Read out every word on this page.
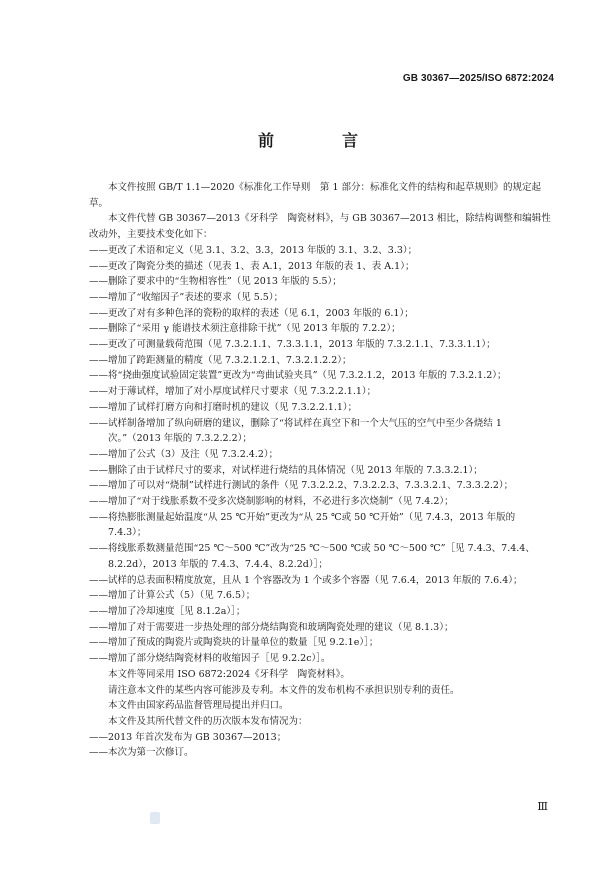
GB 30367—2025/ISO 6872:2024
前　言

本文件按照 GB/T 1.1—2020《标准化工作导则　第 1 部分：标准化文件的结构和起草规则》的规定起草。

本文件代替 GB 30367—2013《牙科学　陶瓷材料》，与 GB 30367—2013 相比，除结构调整和编辑性改动外，主要技术变化如下：

——更改了术语和定义（见 3.1、3.2、3.3，2013 年版的 3.1、3.2、3.3）；

——更改了陶瓷分类的描述（见表 1、表 A.1，2013 年版的表 1、表 A.1）；

——删除了要求中的“生物相容性”（见 2013 年版的 5.5）；

——增加了“收缩因子”表述的要求（见 5.5）；

——更改了对有多种色泽的瓷粉的取样的表述（见 6.1，2003 年版的 6.1）；

——删除了“采用 γ 能谱技术须注意排除干扰”（见 2013 年版的 7.2.2）；

——更改了可测量载荷范围（见 7.3.2.1.1、7.3.3.1.1，2013 年版的 7.3.2.1.1、7.3.3.1.1）；

——增加了跨距测量的精度（见 7.3.2.1.2.1、7.3.2.1.2.2）；

——将“挠曲强度试验固定装置”更改为“弯曲试验夹具”（见 7.3.2.1.2，2013 年版的 7.3.2.1.2）；

——对于薄试样，增加了对小厚度试样尺寸要求（见 7.3.2.2.1.1）；

——增加了试样打磨方向和打磨时机的建议（见 7.3.2.2.1.1）；

——试样制备增加了纵向研磨的建议，删除了“将试样在真空下和一个大气压的空气中至少各烧结 1 次。”（2013 年版的 7.3.2.2.2）；

——增加了公式（3）及注（见 7.3.2.4.2）；

——删除了由于试样尺寸的要求，对试样进行烧结的具体情况（见 2013 年版的 7.3.3.2.1）；

——增加了可以对“烧制”试样进行测试的条件（见 7.3.2.2.2、7.3.2.2.3、7.3.3.2.1、7.3.3.2.2）；

——增加了“对于线胀系数不受多次烧制影响的材料，不必进行多次烧制”（见 7.4.2）；

——将热膨胀测量起始温度“从 25 ℃开始”更改为“从 25 ℃或 50 ℃开始”（见 7.4.3，2013 年版的 7.4.3）；

——将线胀系数测量范围“25 ℃～500 ℃”改为“25 ℃～500 ℃或 50 ℃～500 ℃”［见 7.4.3、7.4.4、8.2.2d），2013 年版的 7.4.3、7.4.4、8.2.2d）］；

——试样的总表面积精度放宽，且从 1 个容器改为 1 个或多个容器（见 7.6.4，2013 年版的 7.6.4）；

——增加了计算公式（5）（见 7.6.5）；

——增加了冷却速度［见 8.1.2a）］；

——增加了对于需要进一步热处理的部分烧结陶瓷和玻璃陶瓷处理的建议（见 8.1.3）；

——增加了预成的陶瓷片或陶瓷块的计量单位的数量［见 9.2.1e）］；

——增加了部分烧结陶瓷材料的收缩因子［见 9.2.2c）］。

本文件等同采用 ISO 6872:2024《牙科学　陶瓷材料》。

请注意本文件的某些内容可能涉及专利。本文件的发布机构不承担识别专利的责任。

本文件由国家药品监督管理局提出并归口。

本文件及其所代替文件的历次版本发布情况为：

——2013 年首次发布为 GB 30367—2013；

——本次为第一次修订。

Ⅲ
